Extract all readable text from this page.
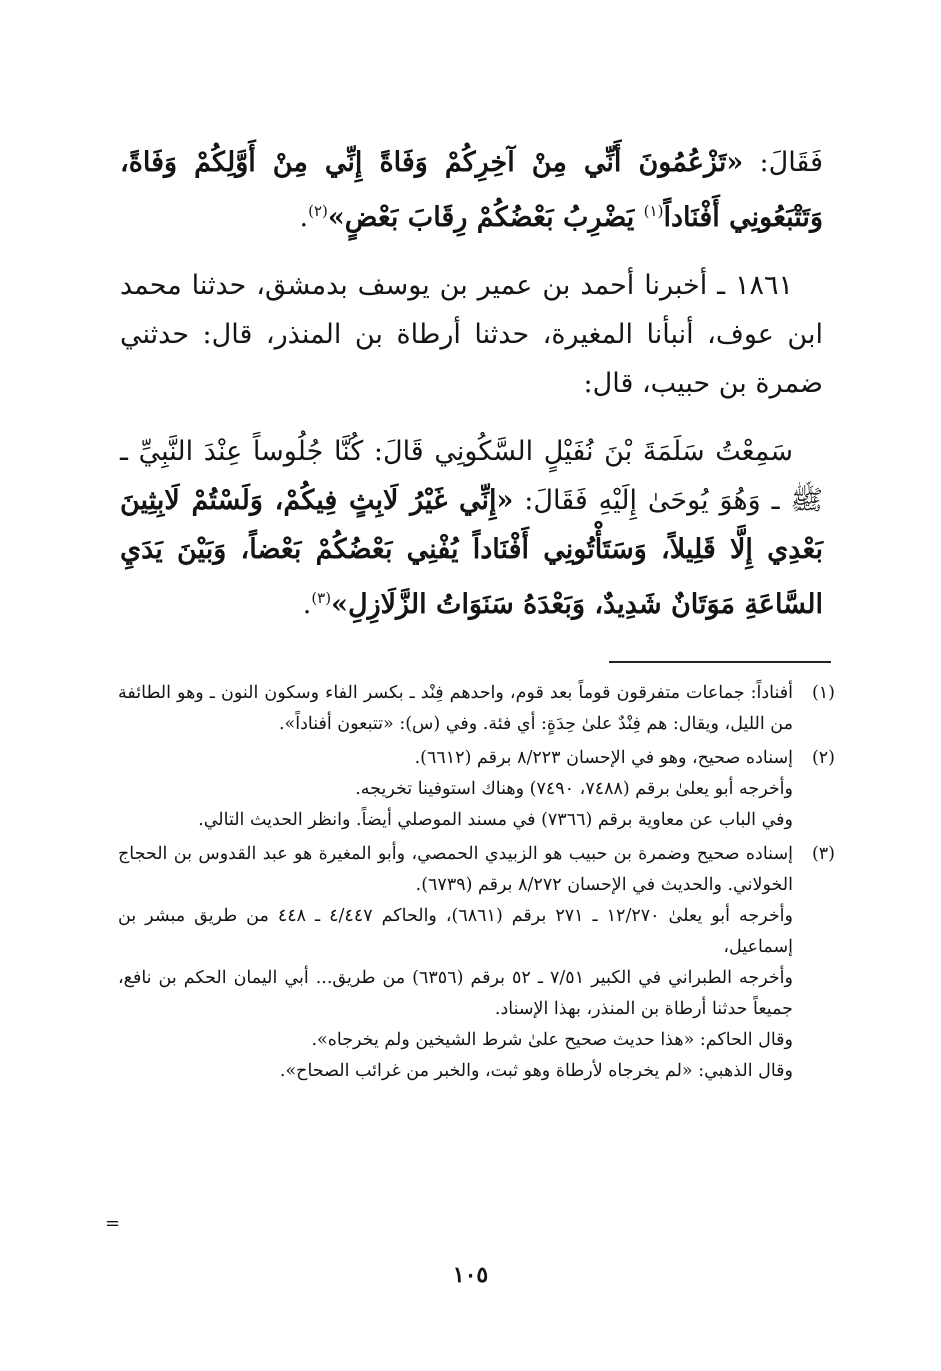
فَقَالَ: «تَزْعُمُونَ أَنِّي مِنْ آخِرِكُمْ وَفَاةً إِنِّي مِنْ أَوَّلِكُمْ وَفَاةً، وَتَتْبَعُونِي أَفْنَاداً$^{(١)}$ يَضْرِبُ بَعْضُكُمْ رِقَابَ بَعْضٍ»$^{(٢)}$.

١٨٦١ ـ أخبرنا أحمد بن عمير بن يوسف بدمشق، حدثنا محمد ابن عوف، أنبأنا المغيرة، حدثنا أرطاة بن المنذر، قال: حدثني ضمرة بن حبيب، قال:

سَمِعْتُ سَلَمَةَ بْنَ نُفَيْلٍ السَّكُونِي قَالَ: كُنَّا جُلُوساً عِنْدَ النَّبِيِّ ـ ﷺ ـ وَهُوَ يُوحَىٰ إِلَيْهِ فَقَالَ: «إِنِّي غَيْرُ لَابِثٍ فِيكُمْ، وَلَسْتُمْ لَابِثِينَ بَعْدِي إِلَّا قَلِيلاً، وَسَتَأْتُونِي أَفْنَاداً يُفْنِي بَعْضُكُمْ بَعْضاً، وَبَيْنَ يَدَيِ السَّاعَةِ مَوَتَانٌ شَدِيدٌ، وَبَعْدَهُ سَنَوَاتُ الزَّلَازِلِ»$^{(٣)}$.

(١)
أفناداً: جماعات متفرقون قوماً بعد قوم، واحدهم فِنْد ـ بكسر الفاء وسكون النون ـ وهو الطائفة من الليل، ويقال: هم فِنْدٌ علىٰ حِدَةٍ: أي فئة. وفي (س): «تتبعون أفناداً».
(٢)
إسناده صحيح، وهو في الإحسان ٨/٢٢٣ برقم (٦٦١٢).
وأخرجه أبو يعلىٰ برقم (٧٤٨٨، ٧٤٩٠) وهناك استوفينا تخريجه.
وفي الباب عن معاوية برقم (٧٣٦٦) في مسند الموصلي أيضاً. وانظر الحديث التالي.
(٣)
إسناده صحيح وضمرة بن حبيب هو الزبيدي الحمصي، وأبو المغيرة هو عبد القدوس بن الحجاج الخولاني. والحديث في الإحسان ٨/٢٧٢ برقم (٦٧٣٩).
وأخرجه أبو يعلىٰ ١٢/٢٧٠ ـ ٢٧١ برقم (٦٨٦١)، والحاكم ٤/٤٤٧ ـ ٤٤٨ من طريق مبشر بن إسماعيل،
وأخرجه الطبراني في الكبير ٧/٥١ ـ ٥٢ برقم (٦٣٥٦) من طريق... أبي اليمان الحكم بن نافع، جميعاً حدثنا أرطاة بن المنذر، بهذا الإسناد.
وقال الحاكم: «هذا حديث صحيح علىٰ شرط الشيخين ولم يخرجاه».
وقال الذهبي: «لم يخرجاه لأرطاة وهو ثبت، والخبر من غرائب الصحاح».
=
١٠٥
